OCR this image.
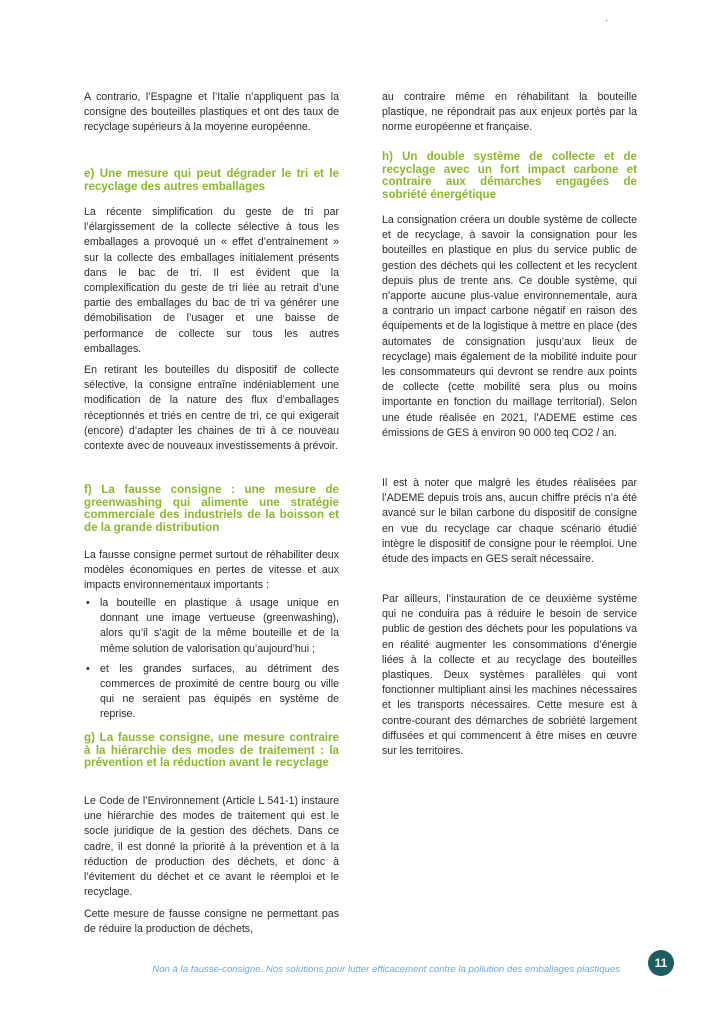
·

A contrario, l’Espagne et l’Italie n’appliquent pas la consigne des bouteilles plastiques et ont des taux de recyclage supérieurs à la moyenne européenne.

e) Une mesure qui peut dégrader le tri et le recyclage des autres emballages

La récente simplification du geste de tri par l’élargissement de la collecte sélective à tous les emballages a provoqué un « effet d’entrainement » sur la collecte des emballages initialement présents dans le bac de tri. Il est évident que la complexification du geste de tri liée au retrait d’une partie des emballages du bac de tri va générer une démobilisation de l’usager et une baisse de performance de collecte sur tous les autres emballages.

En retirant les bouteilles du dispositif de collecte sélective, la consigne entraîne indéniablement une modification de la nature des flux d’emballages réceptionnés et triés en centre de tri, ce qui exigerait (encore) d’adapter les chaines de tri à ce nouveau contexte avec de nouveaux investissements à prévoir.

f) La fausse consigne : une mesure de greenwashing qui alimente une stratégie commerciale des industriels de la boisson et de la grande distribution

La fausse consigne permet surtout de réhabiliter deux modèles économiques en pertes de vitesse et aux impacts environnementaux importants :

• la bouteille en plastique à usage unique en donnant une image vertueuse (greenwashing), alors qu’il s’agit de la même bouteille et de la même solution de valorisation qu’aujourd’hui ;
• et les grandes surfaces, au détriment des commerces de proximité de centre bourg ou ville qui ne seraient pas équipés en système de reprise.
g) La fausse consigne, une mesure contraire à la hiérarchie des modes de traitement : la prévention et la réduction avant le recyclage

Le Code de l’Environnement (Article L 541-1) instaure une hiérarchie des modes de traitement qui est le socle juridique de la gestion des déchets. Dans ce cadre, il est donné la priorité à la prévention et à la réduction de production des déchets, et donc à l’évitement du déchet et ce avant le réemploi et le recyclage.

Cette mesure de fausse consigne ne permettant pas de réduire la production de déchets,

au contraire même en réhabilitant la bouteille plastique, ne répondrait pas aux enjeux portés par la norme européenne et française.

h) Un double système de collecte et de recyclage avec un fort impact carbone et contraire aux démarches engagées de sobriété énergétique

La consignation créera un double système de collecte et de recyclage, à savoir la consignation pour les bouteilles en plastique en plus du service public de gestion des déchets qui les collectent et les recyclent depuis plus de trente ans. Ce double système, qui n’apporte aucune plus-value environnementale, aura a contrario un impact carbone négatif en raison des équipements et de la logistique à mettre en place (des automates de consignation jusqu’aux lieux de recyclage) mais également de la mobilité induite pour les consommateurs qui devront se rendre aux points de collecte (cette mobilité sera plus ou moins importante en fonction du maillage territorial). Selon une étude réalisée en 2021, l’ADEME estime ces émissions de GES à environ 90 000 teq CO2 / an.

Il est à noter que malgré les études réalisées par l’ADEME depuis trois ans, aucun chiffre précis n’a été avancé sur le bilan carbone du dispositif de consigne en vue du recyclage car chaque scénario étudié intègre le dispositif de consigne pour le réemploi. Une étude des impacts en GES serait nécessaire.

Par ailleurs, l’instauration de ce deuxième système qui ne conduira pas à réduire le besoin de service public de gestion des déchets pour les populations va en réalité augmenter les consommations d’énergie liées à la collecte et au recyclage des bouteilles plastiques. Deux systèmes parallèles qui vont fonctionner multipliant ainsi les machines nécessaires et les transports nécessaires. Cette mesure est à contre-courant des démarches de sobriété largement diffusées et qui commencent à être mises en œuvre sur les territoires.

Non à la fausse-consigne. Nos solutions pour lutter efficacement contre la pollution des emballages plastiques	11
